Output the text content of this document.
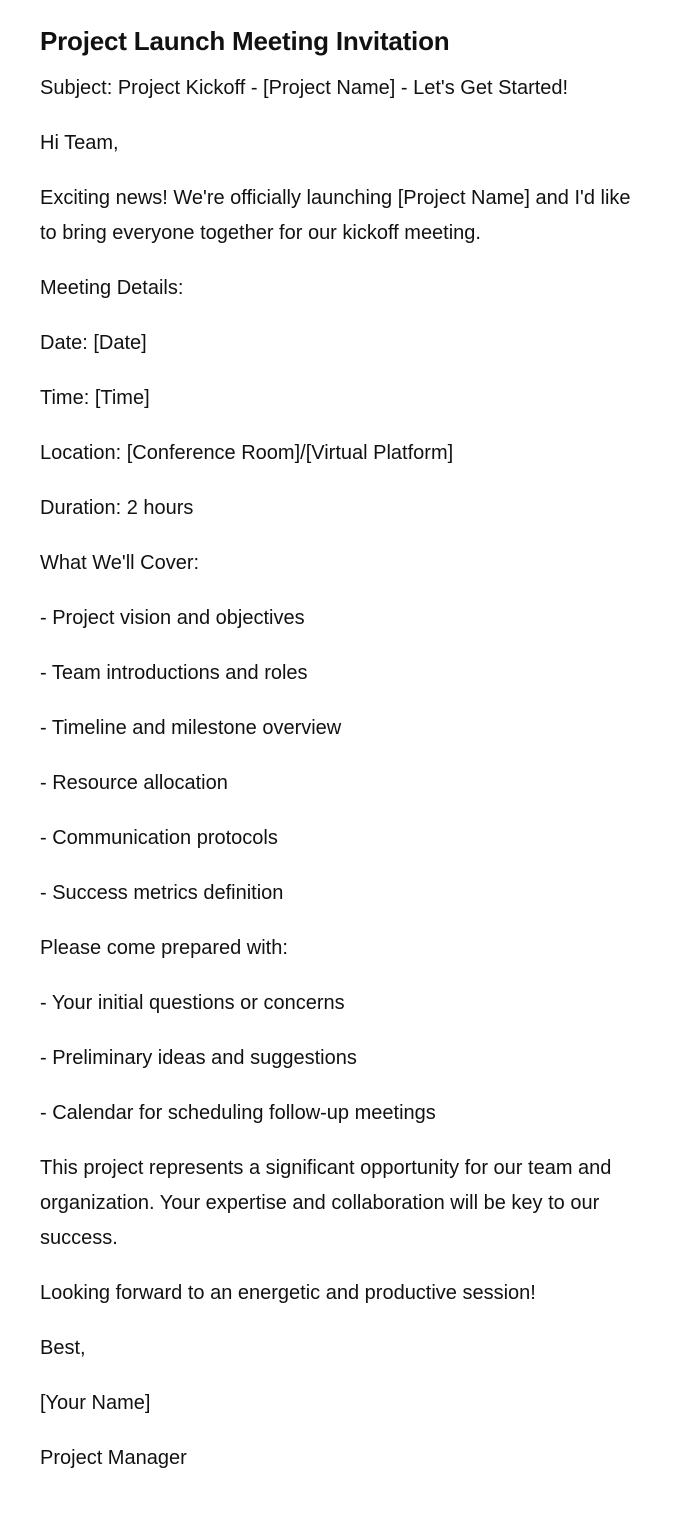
Project Launch Meeting Invitation

Subject: Project Kickoff - [Project Name] - Let's Get Started!

Hi Team,

Exciting news! We're officially launching [Project Name] and I'd like to bring everyone together for our kickoff meeting.

Meeting Details:

Date: [Date]

Time: [Time]

Location: [Conference Room]/[Virtual Platform]

Duration: 2 hours

What We'll Cover:

- Project vision and objectives

- Team introductions and roles

- Timeline and milestone overview

- Resource allocation

- Communication protocols

- Success metrics definition

Please come prepared with:

- Your initial questions or concerns

- Preliminary ideas and suggestions

- Calendar for scheduling follow-up meetings

This project represents a significant opportunity for our team and organization. Your expertise and collaboration will be key to our success.

Looking forward to an energetic and productive session!

Best,

[Your Name]

Project Manager
